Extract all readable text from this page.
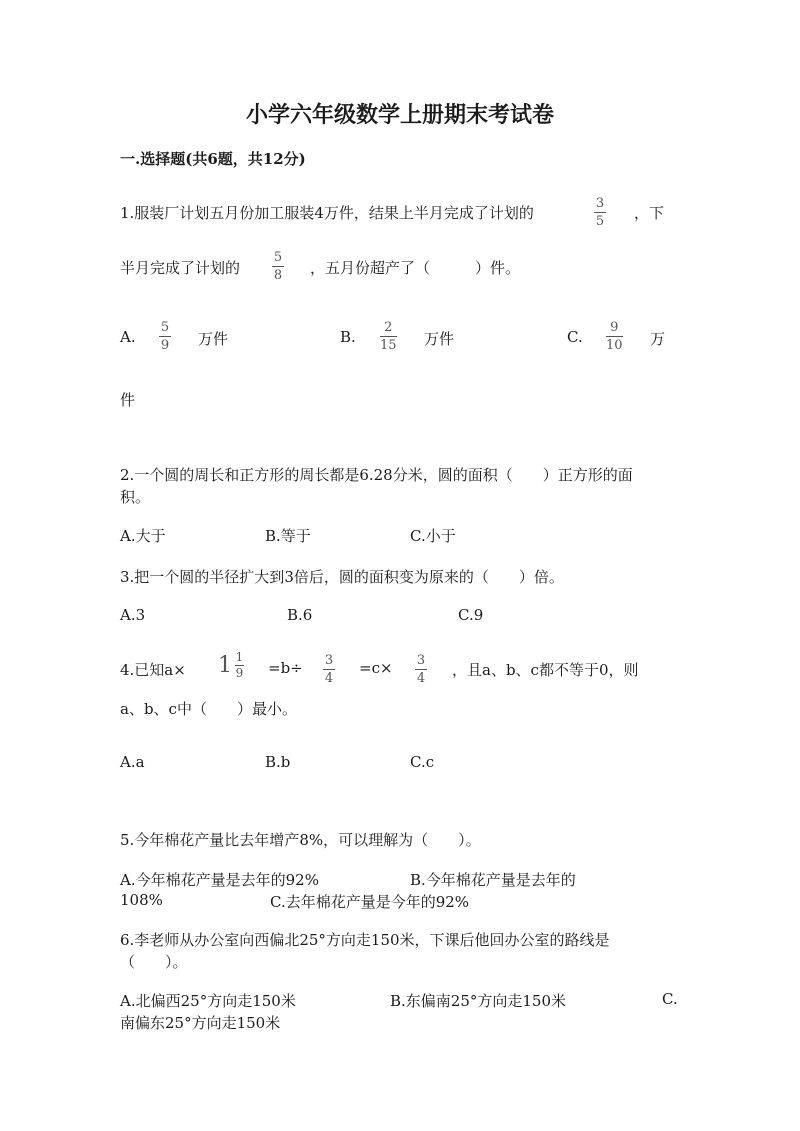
小学六年级数学上册期末考试卷
一.选择题(共6题，共12分)
1.服装厂计划五月份加工服装4万件，结果上半月完成了计划的
3
5 ，下
半月完成了计划的
5
8 ，五月份超产了（　　　）件。
A.
5
9 万件	B.
2
15 万件	C.
9
10 万
件
2.一个圆的周长和正方形的周长都是6.28分米，圆的面积（　　）正方形的面
积。
A.大于	B.等于	C.小于
3.把一个圆的半径扩大到3倍后，圆的面积变为原来的（　　）倍。
A.3	B.6	C.9
4.已知a× 1 1
9 =b÷ 3
4
=c× 3
4 ，且a、b、c都不等于0，则
a、b、c中（　　）最小。
A.a	B.b	C.c
5.今年棉花产量比去年增产8%，可以理解为（　　）。
A.今年棉花产量是去年的92%	B.今年棉花产量是去年的
108%	C.去年棉花产量是今年的92%
6.李老师从办公室向西偏北25°方向走150米，下课后他回办公室的路线是
（　　）。
A.北偏西25°方向走150米	B.东偏南25°方向走150米	C.
南偏东25°方向走150米
